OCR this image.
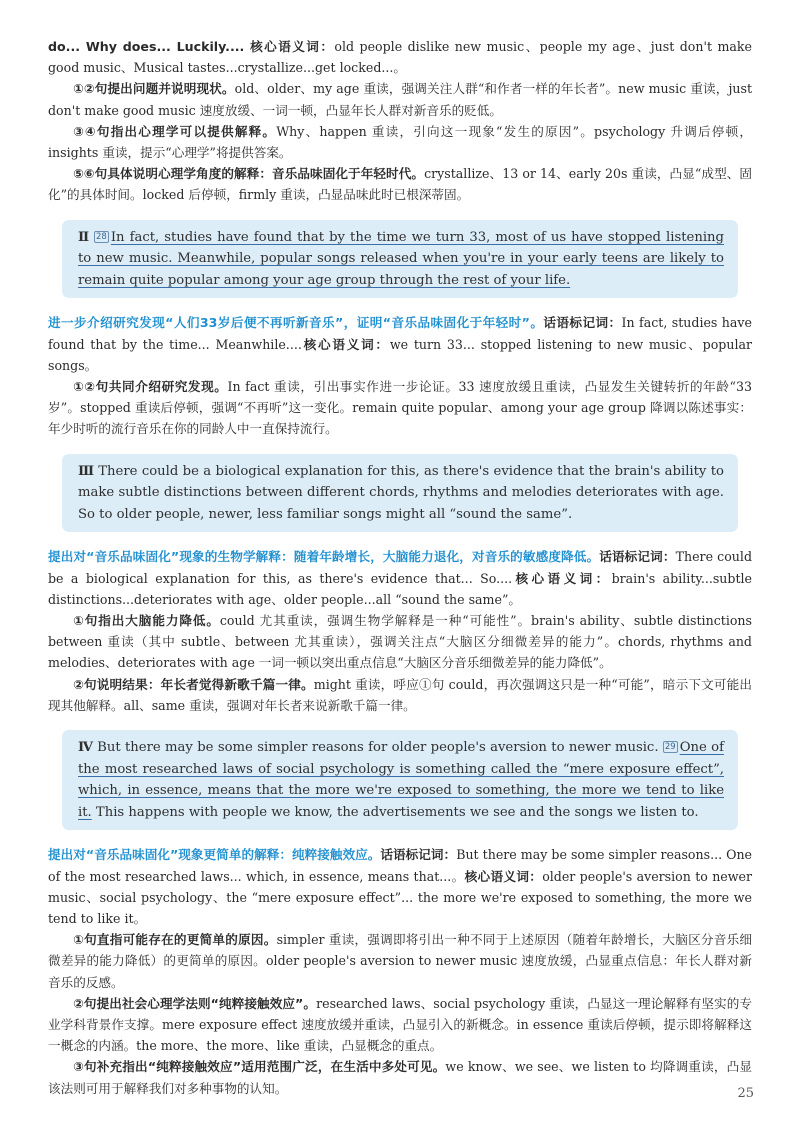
do... Why does... Luckily.... 核心语义词：old people dislike new music、people my age、just don't make good music、Musical tastes...crystallize...get locked...。

①②句提出问题并说明现状。old、older、my age 重读，强调关注人群“和作者一样的年长者”。new music 重读，just don't make good music 速度放缓、一词一顿，凸显年长人群对新音乐的贬低。

③④句指出心理学可以提供解释。Why、happen 重读，引向这一现象“发生的原因”。psychology 升调后停顿，insights 重读，提示“心理学”将提供答案。

⑤⑥句具体说明心理学角度的解释：音乐品味固化于年轻时代。crystallize、13 or 14、early 20s 重读，凸显“成型、固化”的具体时间。locked 后停顿，firmly 重读，凸显品味此时已根深蒂固。

Ⅱ 28 In fact, studies have found that by the time we turn 33, most of us have stopped listening to new music. Meanwhile, popular songs released when you're in your early teens are likely to remain quite popular among your age group through the rest of your life.

进一步介绍研究发现“人们33岁后便不再听新音乐”，证明“音乐品味固化于年轻时”。话语标记词：In fact, studies have found that by the time... Meanwhile....核心语义词：we turn 33... stopped listening to new music、popular songs。

①②句共同介绍研究发现。In fact 重读，引出事实作进一步论证。33 速度放缓且重读，凸显发生关键转折的年龄“33岁”。stopped 重读后停顿，强调“不再听”这一变化。remain quite popular、among your age group 降调以陈述事实：年少时听的流行音乐在你的同龄人中一直保持流行。

Ⅲ There could be a biological explanation for this, as there's evidence that the brain's ability to make subtle distinctions between different chords, rhythms and melodies deteriorates with age. So to older people, newer, less familiar songs might all “sound the same”.

提出对“音乐品味固化”现象的生物学解释：随着年龄增长，大脑能力退化，对音乐的敏感度降低。话语标记词：There could be a biological explanation for this, as there's evidence that... So....核心语义词：brain's ability...subtle distinctions...deteriorates with age、older people...all “sound the same”。

①句指出大脑能力降低。could 尤其重读，强调生物学解释是一种“可能性”。brain's ability、subtle distinctions between 重读（其中 subtle、between 尤其重读），强调关注点“大脑区分细微差异的能力”。chords, rhythms and melodies、deteriorates with age 一词一顿以突出重点信息“大脑区分音乐细微差异的能力降低”。

②句说明结果：年长者觉得新歌千篇一律。might 重读，呼应①句 could，再次强调这只是一种“可能”，暗示下文可能出现其他解释。all、same 重读，强调对年长者来说新歌千篇一律。

Ⅳ But there may be some simpler reasons for older people's aversion to newer music. 29 One of the most researched laws of social psychology is something called the “mere exposure effect”, which, in essence, means that the more we're exposed to something, the more we tend to like it. This happens with people we know, the advertisements we see and the songs we listen to.

提出对“音乐品味固化”现象更简单的解释：纯粹接触效应。话语标记词：But there may be some simpler reasons... One of the most researched laws... which, in essence, means that...。核心语义词：older people's aversion to newer music、social psychology、the “mere exposure effect”... the more we're exposed to something, the more we tend to like it。

①句直指可能存在的更简单的原因。simpler 重读，强调即将引出一种不同于上述原因（随着年龄增长，大脑区分音乐细微差异的能力降低）的更简单的原因。older people's aversion to newer music 速度放缓，凸显重点信息：年长人群对新音乐的反感。

②句提出社会心理学法则“纯粹接触效应”。researched laws、social psychology 重读，凸显这一理论解释有坚实的专业学科背景作支撑。mere exposure effect 速度放缓并重读，凸显引入的新概念。in essence 重读后停顿，提示即将解释这一概念的内涵。the more、the more、like 重读，凸显概念的重点。

③句补充指出“纯粹接触效应”适用范围广泛，在生活中多处可见。we know、we see、we listen to 均降调重读，凸显该法则可用于解释我们对多种事物的认知。	25
